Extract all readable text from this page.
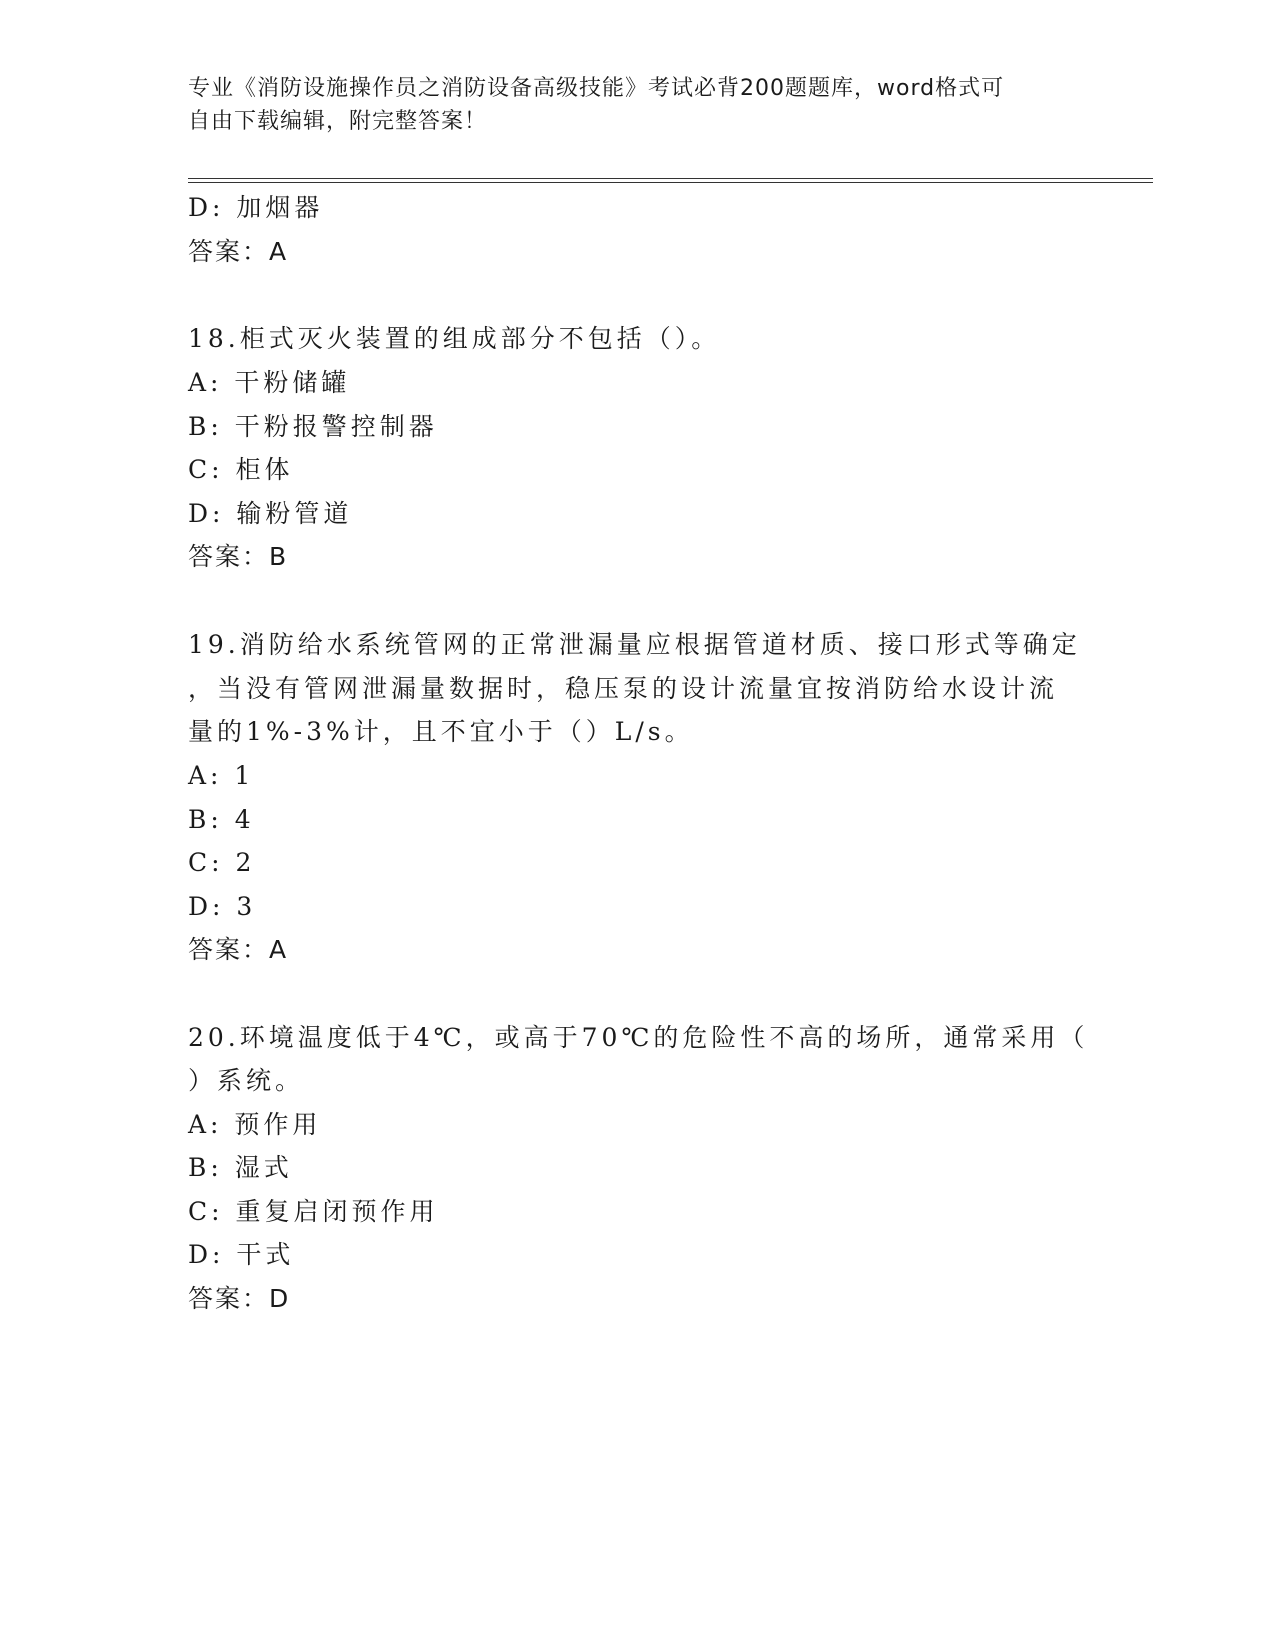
专业《消防设施操作员之消防设备高级技能》考试必背200题题库，word格式可
自由下载编辑，附完整答案！
D: 加烟器
答案：A
18.柜式灭火装置的组成部分不包括（）。
A: 干粉储罐
B: 干粉报警控制器
C: 柜体
D: 输粉管道
答案：B
19.消防给水系统管网的正常泄漏量应根据管道材质、接口形式等确定
，当没有管网泄漏量数据时，稳压泵的设计流量宜按消防给水设计流
量的1%-3%计，且不宜小于（）L/s。
A: 1
B: 4
C: 2
D: 3
答案：A
20.环境温度低于4℃，或高于70℃的危险性不高的场所，通常采用（
）系统。
A: 预作用
B: 湿式
C: 重复启闭预作用
D: 干式
答案：D
